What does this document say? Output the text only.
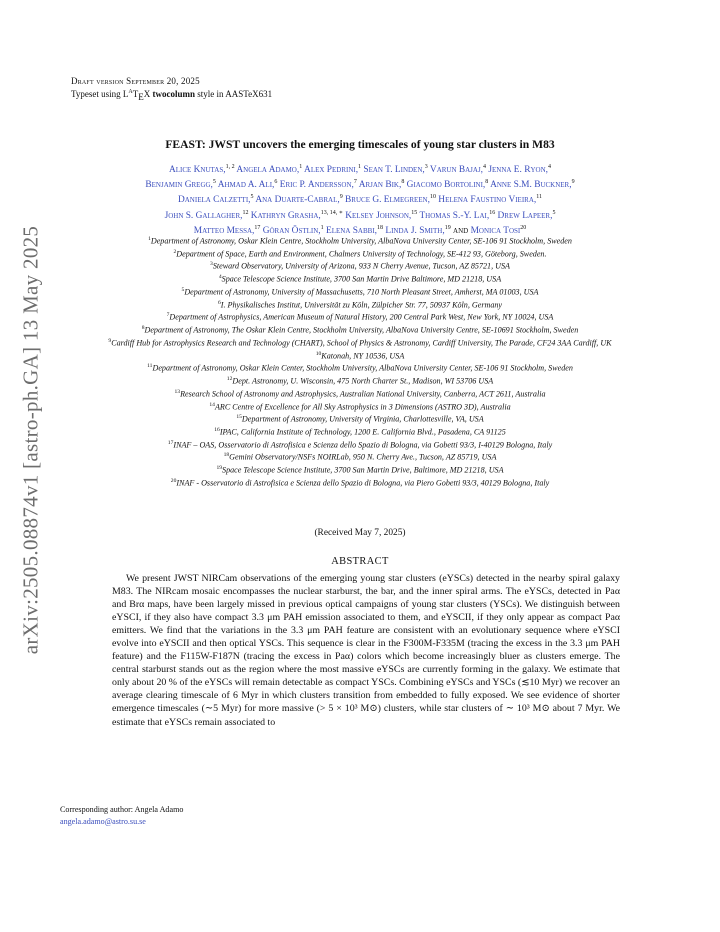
arXiv:2505.08874v1 [astro-ph.GA] 13 May 2025
Draft version September 20, 2025
Typeset using $L^AT_EX$ twocolumn style in AASTeX631
FEAST: JWST uncovers the emerging timescales of young star clusters in M83
Alice Knutas,$^{1, 2}$ Angela Adamo,$^1$ Alex Pedrini,$^1$ Sean T. Linden,$^3$ Varun Bajaj,$^4$ Jenna E. Ryon,$^4$
Benjamin Gregg,$^5$ Ahmad A. Ali,$^6$ Eric P. Andersson,$^7$ Arjan Bik,$^8$ Giacomo Bortolini,$^8$ Anne S.M. Buckner,$^9$
Daniela Calzetti,$^5$ Ana Duarte-Cabral,$^9$ Bruce G. Elmegreen,$^{10}$ Helena Faustino Vieira,$^{11}$
John S. Gallagher,$^{12}$ Kathryn Grasha,$^{13, 14, ∗}$ Kelsey Johnson,$^{15}$ Thomas S.-Y. Lai,$^{16}$ Drew Lapeer,$^5$
Matteo Messa,$^{17}$ Göran Östlin,$^1$ Elena Sabbi,$^{18}$ Linda J. Smith,$^{19}$ and Monica Tosi$^{20}$
$^1$Department of Astronomy, Oskar Klein Centre, Stockholm University, AlbaNova University Center, SE-106 91 Stockholm, Sweden
$^2$Department of Space, Earth and Environment, Chalmers University of Technology, SE-412 93, Göteborg, Sweden.
$^3$Steward Observatory, University of Arizona, 933 N Cherry Avenue, Tucson, AZ 85721, USA
$^4$Space Telescope Science Institute, 3700 San Martin Drive Baltimore, MD 21218, USA
$^5$Department of Astronomy, University of Massachusetts, 710 North Pleasant Street, Amherst, MA 01003, USA
$^6$I. Physikalisches Institut, Universität zu Köln, Zülpicher Str. 77, 50937 Köln, Germany
$^7$Department of Astrophysics, American Museum of Natural History, 200 Central Park West, New York, NY 10024, USA
$^8$Department of Astronomy, The Oskar Klein Centre, Stockholm University, AlbaNova University Centre, SE-10691 Stockholm, Sweden
$^9$Cardiff Hub for Astrophysics Research and Technology (CHART), School of Physics & Astronomy, Cardiff University, The Parade, CF24 3AA Cardiff, UK
$^{10}$Katonah, NY 10536, USA
$^{11}$Department of Astronomy, Oskar Klein Center, Stockholm University, AlbaNova University Center, SE-106 91 Stockholm, Sweden
$^{12}$Dept. Astronomy, U. Wisconsin, 475 North Charter St., Madison, WI 53706 USA
$^{13}$Research School of Astronomy and Astrophysics, Australian National University, Canberra, ACT 2611, Australia
$^{14}$ARC Centre of Excellence for All Sky Astrophysics in 3 Dimensions (ASTRO 3D), Australia
$^{15}$Department of Astronomy, University of Virginia, Charlottesville, VA, USA
$^{16}$IPAC, California Institute of Technology, 1200 E. California Blvd., Pasadena, CA 91125
$^{17}$INAF – OAS, Osservatorio di Astrofisica e Scienza dello Spazio di Bologna, via Gobetti 93/3, I-40129 Bologna, Italy
$^{18}$Gemini Observatory/NSFs NOIRLab, 950 N. Cherry Ave., Tucson, AZ 85719, USA
$^{19}$Space Telescope Science Institute, 3700 San Martin Drive, Baltimore, MD 21218, USA
$^{20}$INAF - Osservatorio di Astrofisica e Scienza dello Spazio di Bologna, via Piero Gobetti 93/3, 40129 Bologna, Italy
(Received May 7, 2025)
ABSTRACT

We present JWST NIRCam observations of the emerging young star clusters (eYSCs) detected in the nearby spiral galaxy M83. The NIRcam mosaic encompasses the nuclear starburst, the bar, and the inner spiral arms. The eYSCs, detected in Paα and Brα maps, have been largely missed in previous optical campaigns of young star clusters (YSCs). We distinguish between eYSCI, if they also have compact 3.3 μm PAH emission associated to them, and eYSCII, if they only appear as compact Paα emitters. We find that the variations in the 3.3 μm PAH feature are consistent with an evolutionary sequence where eYSCI evolve into eYSCII and then optical YSCs. This sequence is clear in the F300M-F335M (tracing the excess in the 3.3 μm PAH feature) and the F115W-F187N (tracing the excess in Paα) colors which become increasingly bluer as clusters emerge. The central starburst stands out as the region where the most massive eYSCs are currently forming in the galaxy. We estimate that only about 20 % of the eYSCs will remain detectable as compact YSCs. Combining eYSCs and YSCs (≲10 Myr) we recover an average clearing timescale of 6 Myr in which clusters transition from embedded to fully exposed. We see evidence of shorter emergence timescales (∼5 Myr) for more massive (> 5 × 10³ M⊙) clusters, while star clusters of ∼ 10³ M⊙ about 7 Myr. We estimate that eYSCs remain associated to

Corresponding author: Angela Adamo
angela.adamo@astro.su.se
